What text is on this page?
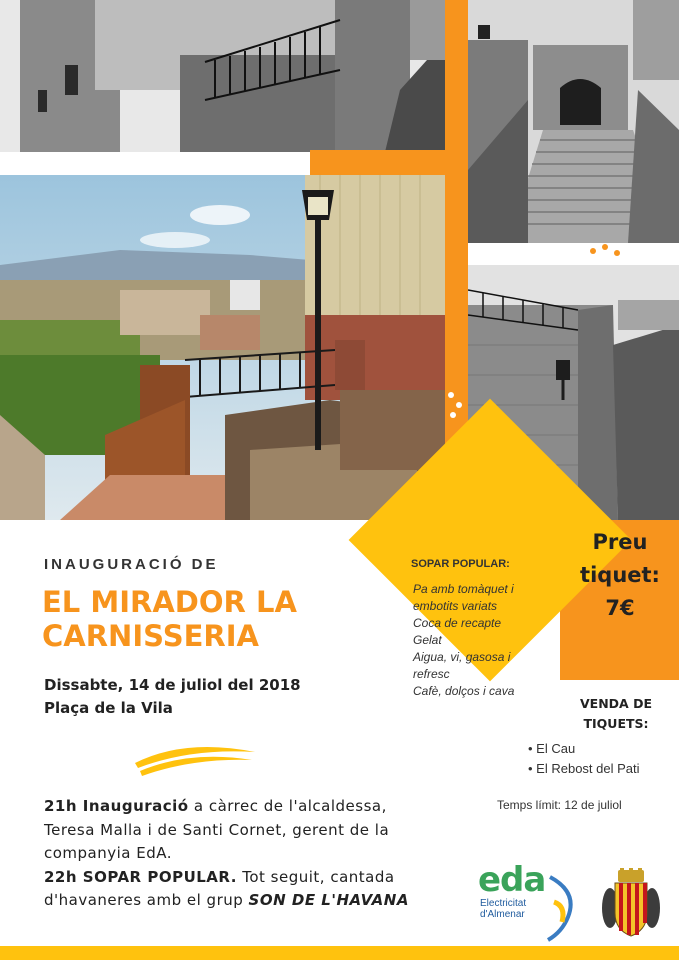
INAUGURACIÓ DE
EL MIRADOR LA
CARNISSERIA
Dissabte, 14 de juliol del 2018
Plaça de la Vila
21h Inauguració a càrrec de l'alcaldessa,
Teresa Malla i de Santi Cornet, gerent de la
companyia EdA.
22h SOPAR POPULAR. Tot seguit, cantada
d'havaneres amb el grup SON DE L'HAVANA
SOPAR POPULAR:
Pa amb tomàquet i
embotits variats
Coca de recapte
Gelat
Aigua, vi, gasosa i
refresc
Cafè, dolços i cava
Preu
tiquet:
7€
VENDA DE
TIQUETS:
• El Cau
• El Rebost del Pati
Temps límit: 12 de juliol
eda
Electricitat
d'Almenar
